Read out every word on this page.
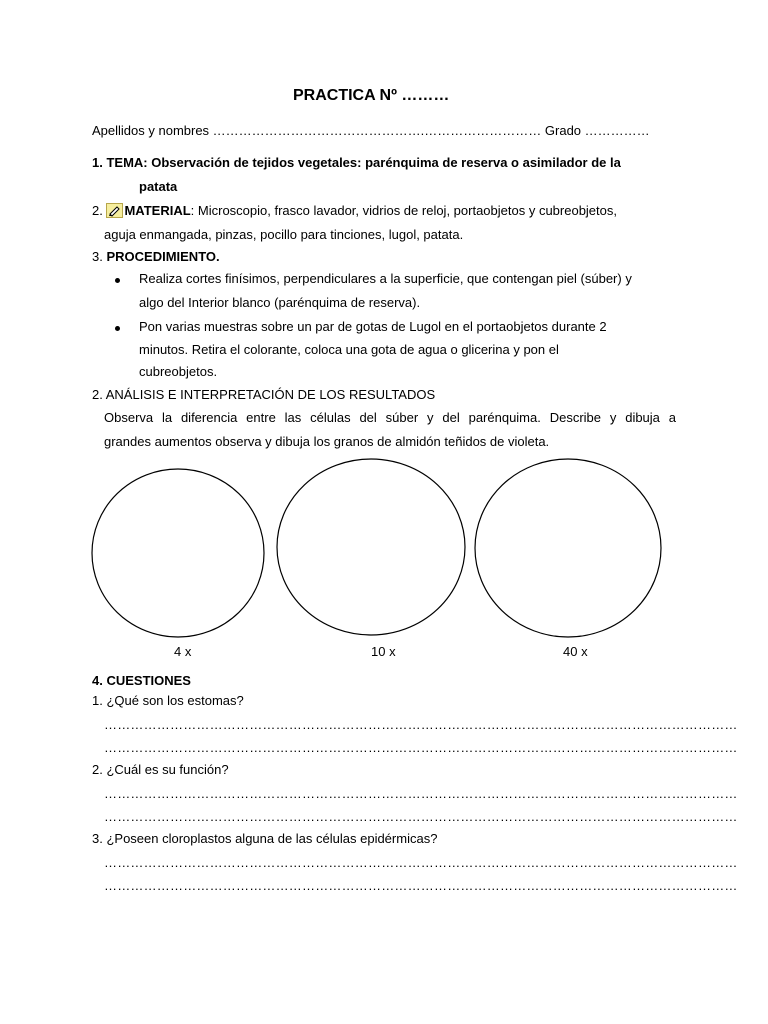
PRACTICA Nº ………
Apellidos y nombres ………………………………………….……………………… Grado ……………
1. TEMA: Observación de tejidos vegetales: parénquima de reserva o asimilador de la
patata
2. MATERIAL: Microscopio, frasco lavador, vidrios de reloj, portaobjetos y cubreobjetos,
aguja enmangada, pinzas, pocillo para tinciones, lugol, patata.
3. PROCEDIMIENTO.
Realiza cortes finísimos, perpendiculares a la superficie, que contengan piel (súber) y
algo del Interior blanco (parénquima de reserva).
Pon varias muestras sobre un par de gotas de Lugol en el portaobjetos durante 2
minutos. Retira el colorante, coloca una gota de agua o glicerina y pon el
cubreobjetos.
2. ANÁLISIS E INTERPRETACIÓN DE LOS RESULTADOS
Observa la diferencia entre las células del súber y del parénquima. Describe y dibuja a
grandes aumentos observa y dibuja los granos de almidón teñidos de violeta.
4 x	10 x	40 x
4. CUESTIONES
1. ¿Qué son los estomas?
………………………………………………………………………………………………………………………………
………………………………………………………………………………………………………………………………
2. ¿Cuál es su función?
………………………………………………………………………………………………………………………………
………………………………………………………………………………………………………………………………
3. ¿Poseen cloroplastos alguna de las células epidérmicas?
………………………………………………………………………………………………………………………………
………………………………………………………………………………………………………………………………
